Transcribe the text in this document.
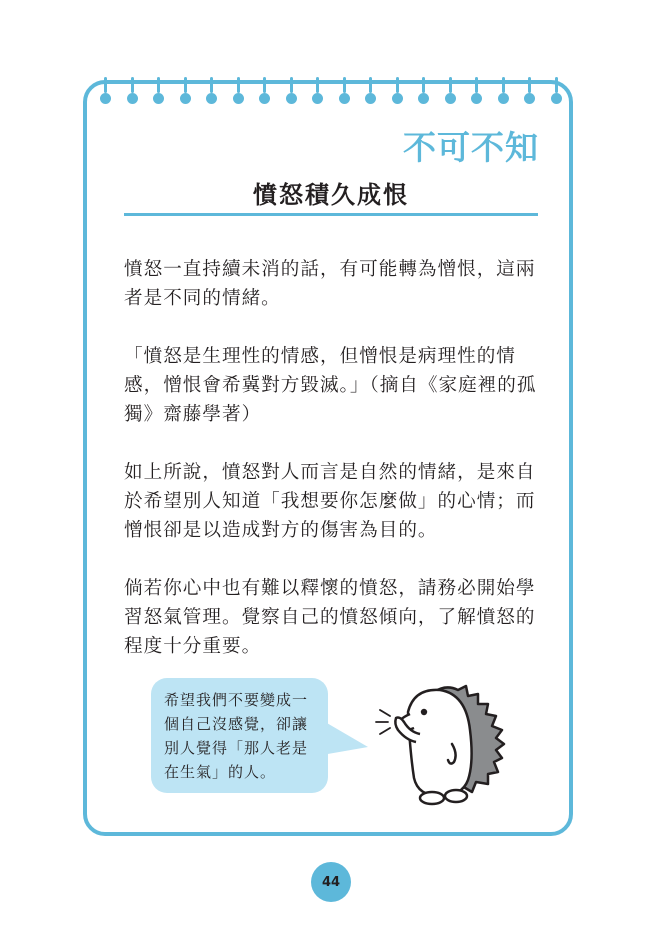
不可不知
憤怒積久成恨

憤怒一直持續未消的話，有可能轉為憎恨，這兩者是不同的情緒。

「憤怒是生理性的情感，但憎恨是病理性的情感，憎恨會希冀對方毀滅。」（摘自《家庭裡的孤獨》齋藤學著）

如上所說，憤怒對人而言是自然的情緒，是來自於希望別人知道「我想要你怎麼做」的心情；而憎恨卻是以造成對方的傷害為目的。

倘若你心中也有難以釋懷的憤怒，請務必開始學習怒氣管理。覺察自己的憤怒傾向，了解憤怒的程度十分重要。

希望我們不要變成一個自己沒感覺，卻讓別人覺得「那人老是在生氣」的人。
44
